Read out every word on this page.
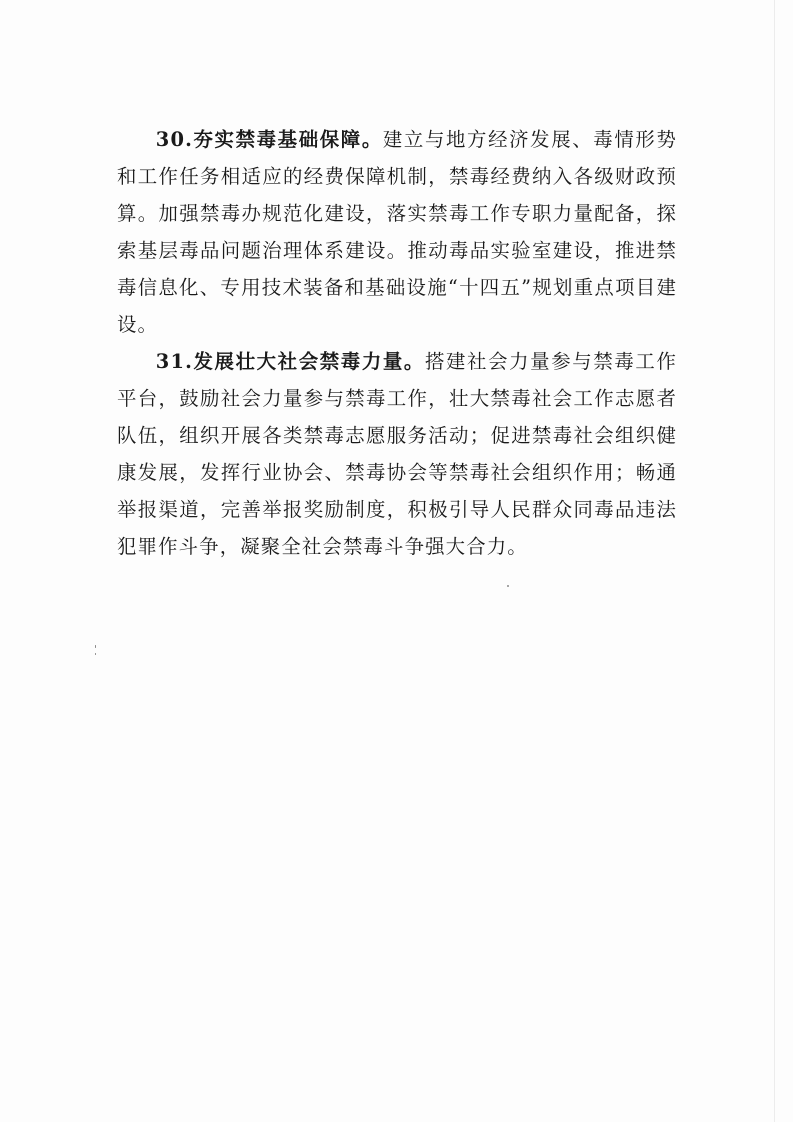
30.夯实禁毒基础保障。建立与地方经济发展、毒情形势和工作任务相适应的经费保障机制，禁毒经费纳入各级财政预算。加强禁毒办规范化建设，落实禁毒工作专职力量配备，探索基层毒品问题治理体系建设。推动毒品实验室建设，推进禁毒信息化、专用技术装备和基础设施“十四五”规划重点项目建设。

31.发展壮大社会禁毒力量。搭建社会力量参与禁毒工作平台，鼓励社会力量参与禁毒工作，壮大禁毒社会工作志愿者队伍，组织开展各类禁毒志愿服务活动；促进禁毒社会组织健康发展，发挥行业协会、禁毒协会等禁毒社会组织作用；畅通举报渠道，完善举报奖励制度，积极引导人民群众同毒品违法犯罪作斗争，凝聚全社会禁毒斗争强大合力。
